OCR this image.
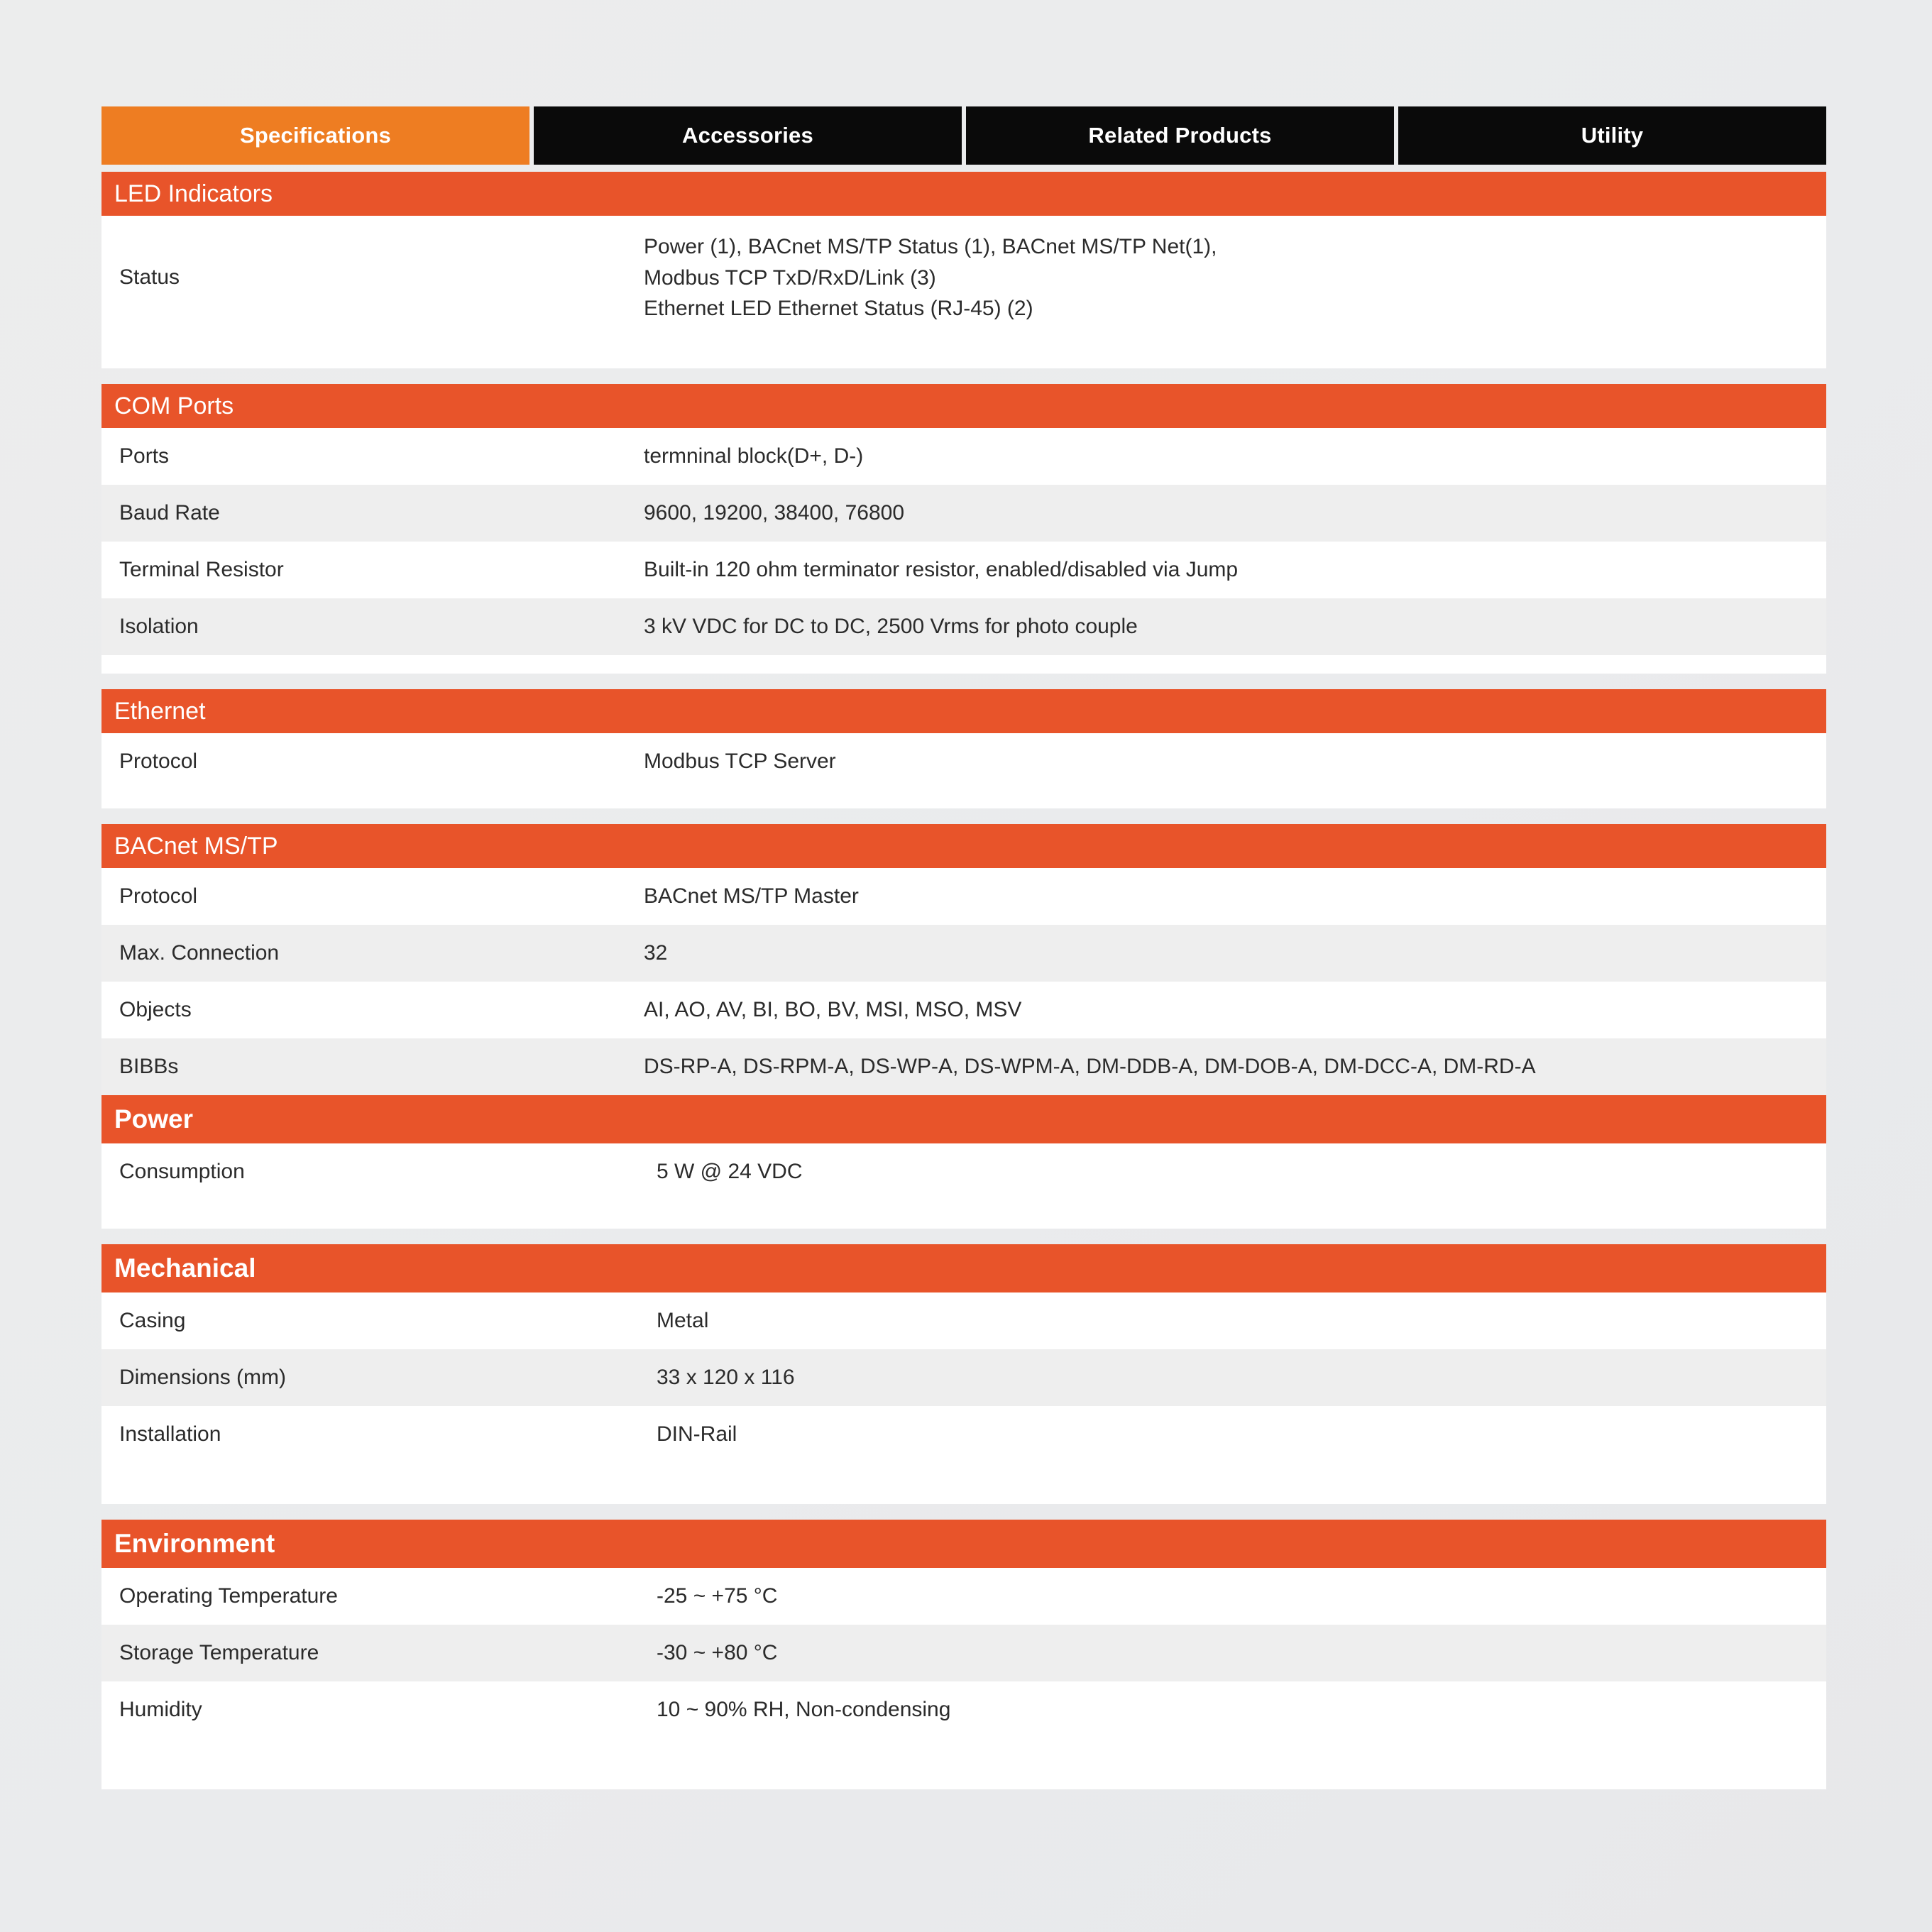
Specifications	Accessories	Related Products	Utility
LED Indicators
Status
Power (1), BACnet MS/TP Status (1), BACnet MS/TP Net(1),
Modbus TCP TxD/RxD/Link (3)
Ethernet LED Ethernet Status (RJ-45) (2)
COM Ports
Ports	termninal block(D+, D-)
Baud Rate	9600, 19200, 38400, 76800
Terminal Resistor	Built-in 120 ohm terminator resistor, enabled/disabled via Jump
Isolation	3 kV VDC for DC to DC, 2500 Vrms for photo couple
Ethernet
Protocol	Modbus TCP Server
BACnet MS/TP
Protocol	BACnet MS/TP Master
Max. Connection	32
Objects	AI, AO, AV, BI, BO, BV, MSI, MSO, MSV
BIBBs	DS-RP-A, DS-RPM-A, DS-WP-A, DS-WPM-A, DM-DDB-A, DM-DOB-A, DM-DCC-A, DM-RD-A
Power
Consumption	5 W @ 24 VDC
Mechanical
Casing	Metal
Dimensions (mm)	33 x 120 x 116
Installation	DIN-Rail
Environment
Operating Temperature	-25 ~ +75 °C
Storage Temperature	-30 ~ +80 °C
Humidity	10 ~ 90% RH, Non-condensing
